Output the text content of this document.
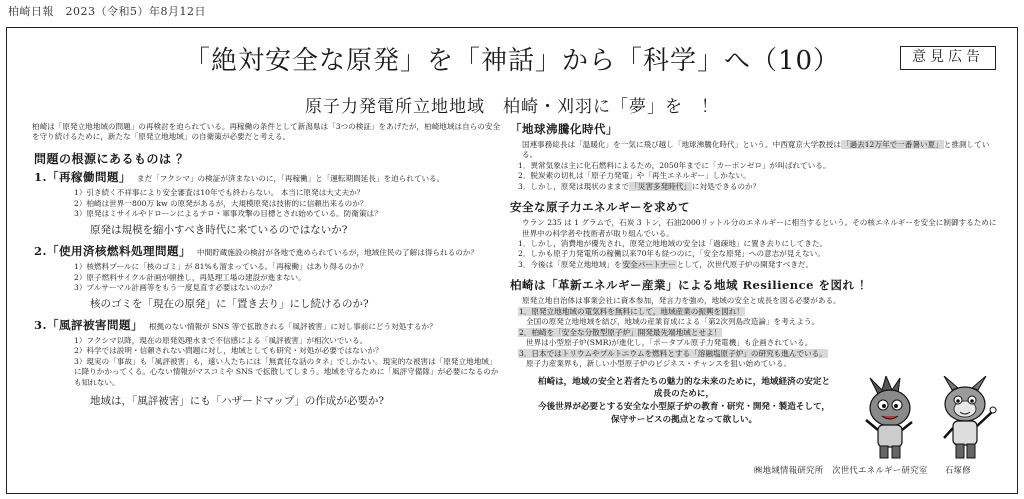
柏崎日報　2023（令和5）年8月12日
「絶対安全な原発」を「神話」から「科学」へ（10）	意見広告
原子力発電所立地地域　柏崎・刈羽に「夢」を　！

柏崎は「原発立地地域の問題」の再検討を迫られている。再稼働の条件として新潟県は「3つの検証」をあげたが，柏崎地域は自らの安全を守り続けるために，新たな「原発立地地域」の自衛策が必要だと考える。

問題の根源にあるものは ？
1.「再稼働問題」 まだ「フクシマ」の検証が済まないのに，「再稼働」と「運転期間延長」を迫られている。
1）引き続く不祥事により安全審査は10年でも終わらない。 本当に原発は大丈夫か？
2）柏崎は世界一800万 kw の原発があるが，大規模原発は技術的に信頼出来るのか？
3）原発はミサイルやドローンによるテロ・軍事攻撃の目標とされ始めている。防衛策は？
原発は規模を縮小すべき時代に来ているのではないか?
2.「使用済核燃料処理問題」 中間貯蔵施設の検討が各地で進められているが，地域住民の了解は得られるのか？
1）核燃料プールに「核のゴミ」が 81%も溜まっている。「再稼働」はあり得るのか？
2）原子燃料サイクル計画が頓挫し，再処理工場の建設が進まない。
3）プルサーマル計画等をもう一度見直す必要はないのか？
核のゴミを「現在の原発」に「置き去り」にし続けるのか?
3.「風評被害問題」 根拠のない情報が SNS 等で拡散される「風評被害」に対し事前にどう対処するか？
1）フクシマ以降，現在の原発処理水まで不信感による「風評被害」が相次いでいる。
2）科学では説明・信頼されない問題に対し，地域としても研究・対処が必要ではないか？
3）現実の「事故」も「風評被害」も，遠い人たちには「無責任な話のタネ」でしかない。現実的な被害は「原発立地地域」に降りかかってくる。心ない情報がマスコミや SNS で拡散してしまう。地域を守るために「風評守備隊」が必要になるのかも知れない。
地域は，「風評被害」にも「ハザードマップ」の作成が必要か?
「地球沸騰化時代」

国連事務総長は「温暖化」を一気に飛び越し「地球沸騰化時代」という。中西寛京大学教授は「過去12万年で一番暑い夏」と推測している。

1．異常気象は主に化石燃料によるため，2050年までに「カーボンゼロ」が叫ばれている。
2．脱炭素の切札は「原子力発電」や「再生エネルギー」しかない。
3．しかし，原発は現状のままで「災害多発時代」に対処できるのか？
安全な原子力エネルギーを求めて

ウラン 235 は 1 グラムで，石炭 3 トン，石油2000リットル分のエネルギーに相当するという。その核エネルギーを安全に制御するために世界中の科学者や技術者が取り組んでいる。

1．しかし，消費地が優先され，原発立地地域の安全は「過疎地」に置き去りにしてきた。
2．しかも原子力発電所の稼働以来70年も経つのに，「安全な原発」への意志が見えない。
3．今後は「原発立地地域」を安全パートナーとして，次世代原子炉の開発すべきだ。
柏崎は「革新エネルギー産業」による地域 Resilience を図れ ！

原発立地自治体は事業会社に資本参加，発言力を強め，地域の安全と成長を図る必要がある。

1．原発立地地域の電気料を無料にして，地域産業の振興を図れ！
全国の原発立地地域を結び，地域の産業育成による「第2次列島改造論」を考えよう。
2．柏崎を「安全な分散型原子炉」開発最先端地域とせよ！
世界は小型原子炉(SMR)が進化し，「ポータブル原子力発電機」も企画されている。
3．日本ではトリウムやプルトニウムを燃料とする「溶融塩原子炉」の研究も進んでいる。
原子力産業界も，新しい小型原子炉のビジネス・チャンスを狙い始めている。
柏崎は，地域の安全と若者たちの魅力的な未来のために，地域経済の安定と成長のために，
今後世界が必要とする安全な小型原子炉の教育・研究・開発・製造そして，
保守サービスの拠点となって欲しい。
㈱地域情報研究所　次世代エネルギー研究室　　石塚修
